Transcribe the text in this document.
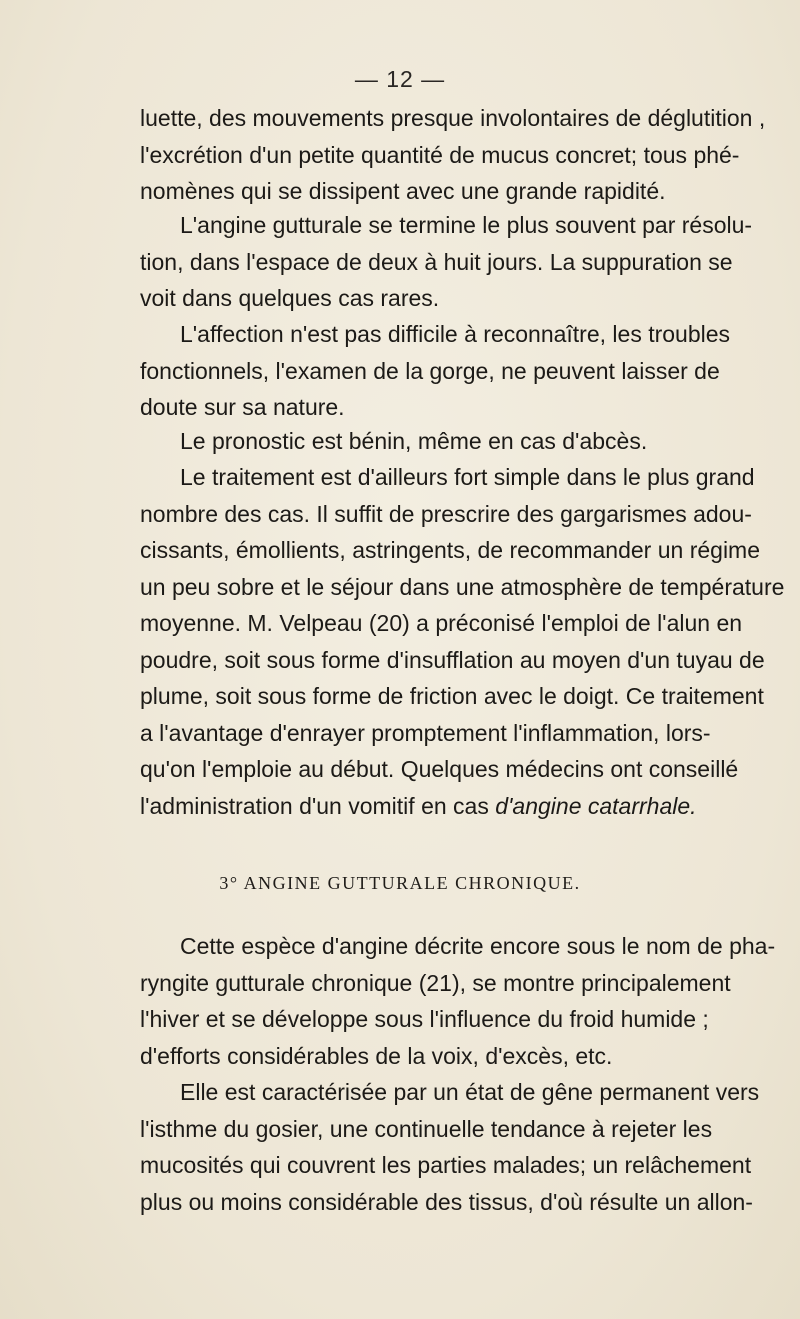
— 12 —
luette, des mouvements presque involontaires de déglutition ,
l'excrétion d'un petite quantité de mucus concret; tous phé-
nomènes qui se dissipent avec une grande rapidité.
L'angine gutturale se termine le plus souvent par résolu-
tion, dans l'espace de deux à huit jours. La suppuration se
voit dans quelques cas rares.
L'affection n'est pas difficile à reconnaître, les troubles
fonctionnels, l'examen de la gorge, ne peuvent laisser de
doute sur sa nature.
Le pronostic est bénin, même en cas d'abcès.
Le traitement est d'ailleurs fort simple dans le plus grand
nombre des cas. Il suffit de prescrire des gargarismes adou-
cissants, émollients, astringents, de recommander un régime
un peu sobre et le séjour dans une atmosphère de température
moyenne. M. Velpeau (20) a préconisé l'emploi de l'alun en
poudre, soit sous forme d'insufflation au moyen d'un tuyau de
plume, soit sous forme de friction avec le doigt. Ce traitement
a l'avantage d'enrayer promptement l'inflammation, lors-
qu'on l'emploie au début. Quelques médecins ont conseillé
l'administration d'un vomitif en cas d'angine catarrhale.
3° ANGINE GUTTURALE CHRONIQUE.
Cette espèce d'angine décrite encore sous le nom de pha-
ryngite gutturale chronique (21), se montre principalement
l'hiver et se développe sous l'influence du froid humide ;
d'efforts considérables de la voix, d'excès, etc.
Elle est caractérisée par un état de gêne permanent vers
l'isthme du gosier, une continuelle tendance à rejeter les
mucosités qui couvrent les parties malades; un relâchement
plus ou moins considérable des tissus, d'où résulte un allon-
